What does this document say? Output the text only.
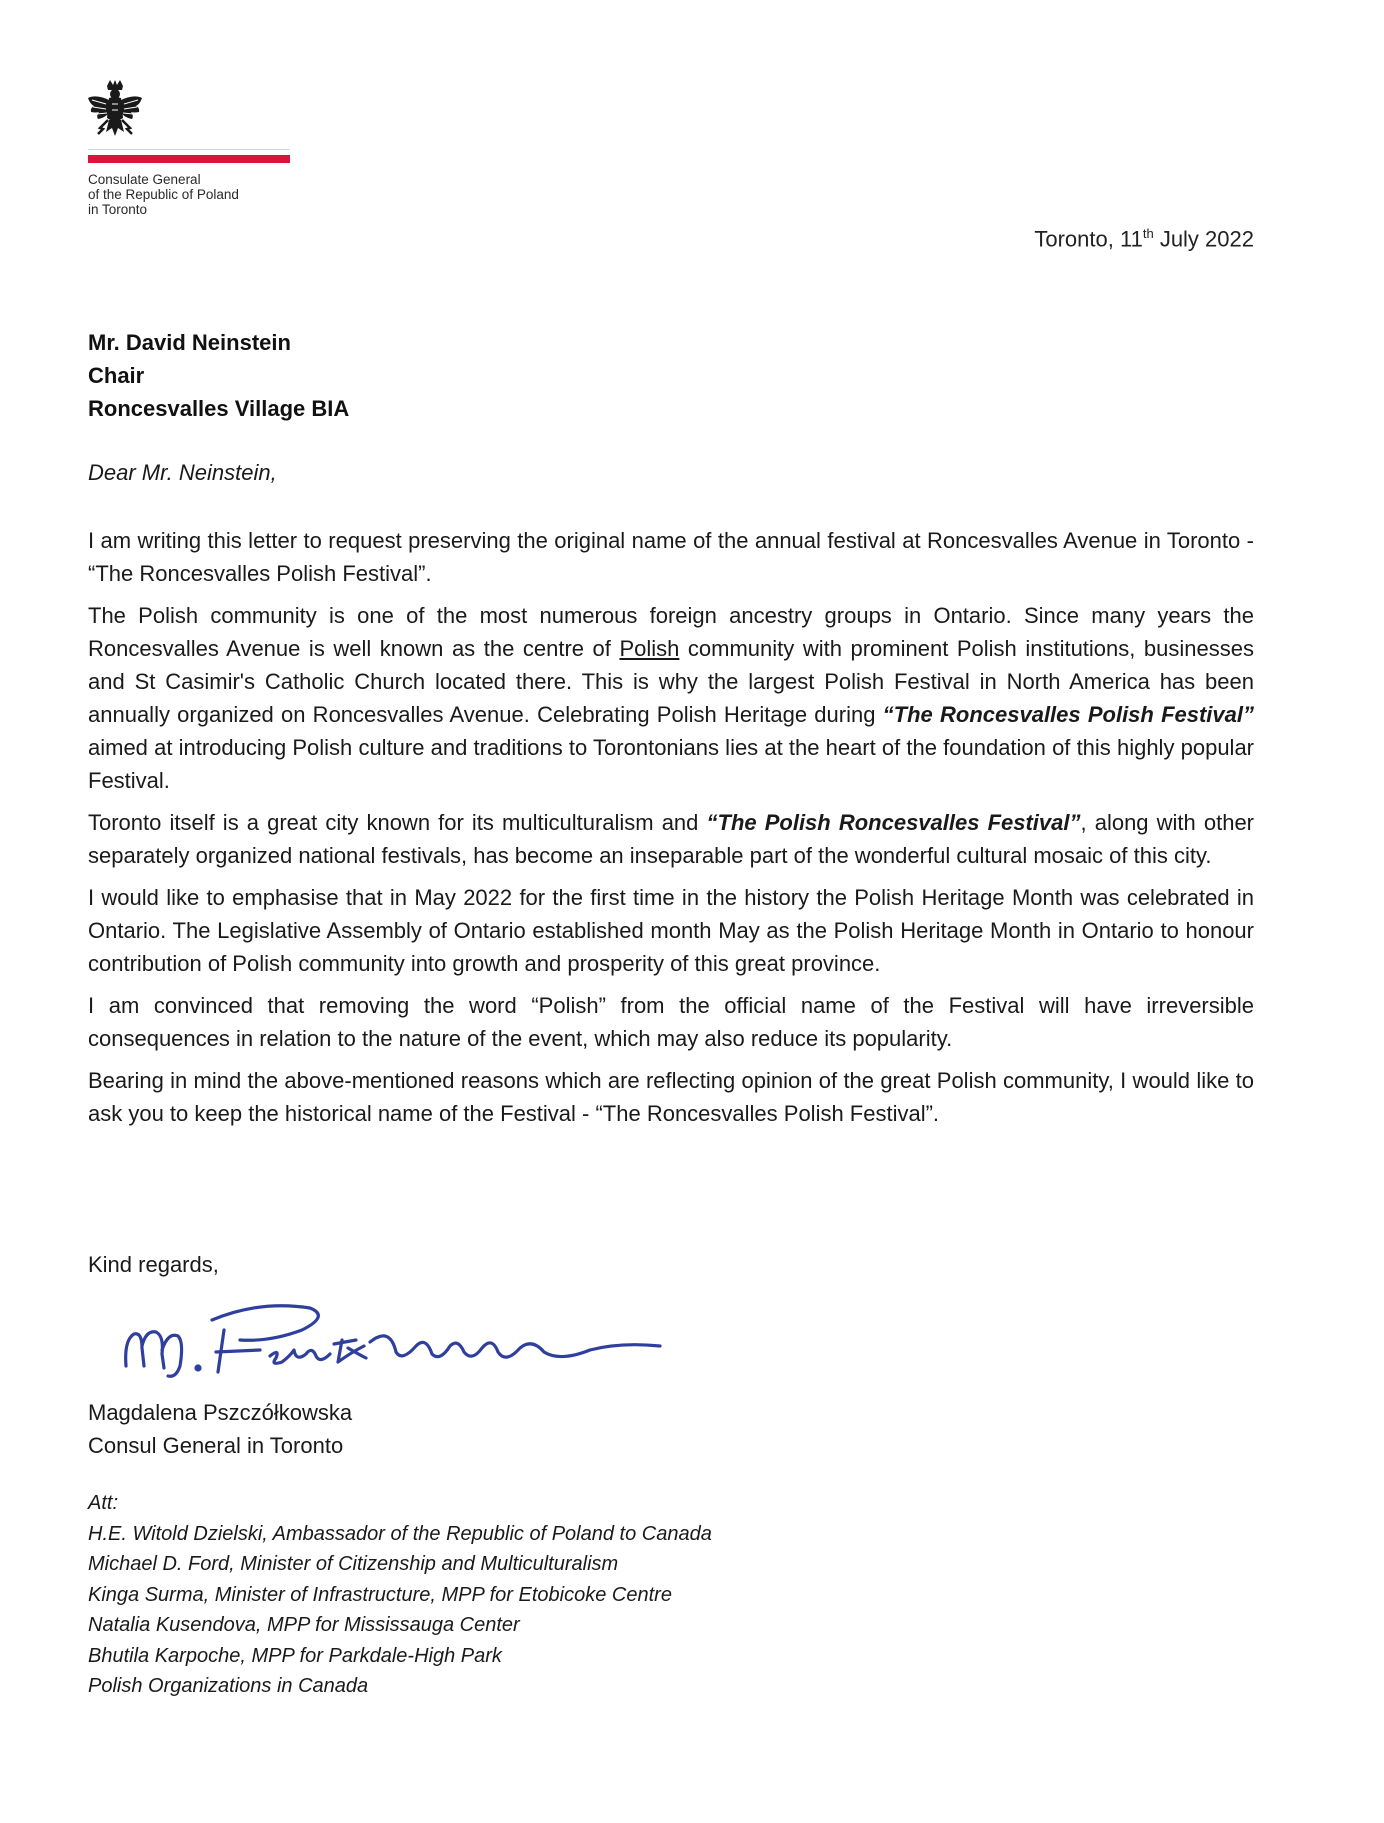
Consulate General
of the Republic of Poland
in Toronto
Toronto, 11th July 2022
Mr. David Neinstein
Chair
Roncesvalles Village BIA
Dear Mr. Neinstein,

I am writing this letter to request preserving the original name of the annual festival at Roncesvalles Avenue in Toronto - “The Roncesvalles Polish Festival”.

The Polish community is one of the most numerous foreign ancestry groups in Ontario. Since many years the Roncesvalles Avenue is well known as the centre of Polish community with prominent Polish institutions, businesses and St Casimir's Catholic Church located there. This is why the largest Polish Festival in North America has been annually organized on Roncesvalles Avenue. Celebrating Polish Heritage during “The Roncesvalles Polish Festival” aimed at introducing Polish culture and traditions to Torontonians lies at the heart of the foundation of this highly popular Festival.

Toronto itself is a great city known for its multiculturalism and “The Polish Roncesvalles Festival”, along with other separately organized national festivals, has become an inseparable part of the wonderful cultural mosaic of this city.

I would like to emphasise that in May 2022 for the first time in the history the Polish Heritage Month was celebrated in Ontario. The Legislative Assembly of Ontario established month May as the Polish Heritage Month in Ontario to honour contribution of Polish community into growth and prosperity of this great province.

I am convinced that removing the word “Polish” from the official name of the Festival will have irreversible consequences in relation to the nature of the event, which may also reduce its popularity.

Bearing in mind the above-mentioned reasons which are reflecting opinion of the great Polish community, I would like to ask you to keep the historical name of the Festival - “The Roncesvalles Polish Festival”.

Kind regards,
Magdalena Pszczółkowska
Consul General in Toronto
Att:
H.E. Witold Dzielski, Ambassador of the Republic of Poland to Canada
Michael D. Ford, Minister of Citizenship and Multiculturalism
Kinga Surma, Minister of Infrastructure, MPP for Etobicoke Centre
Natalia Kusendova, MPP for Mississauga Center
Bhutila Karpoche, MPP for Parkdale-High Park
Polish Organizations in Canada
